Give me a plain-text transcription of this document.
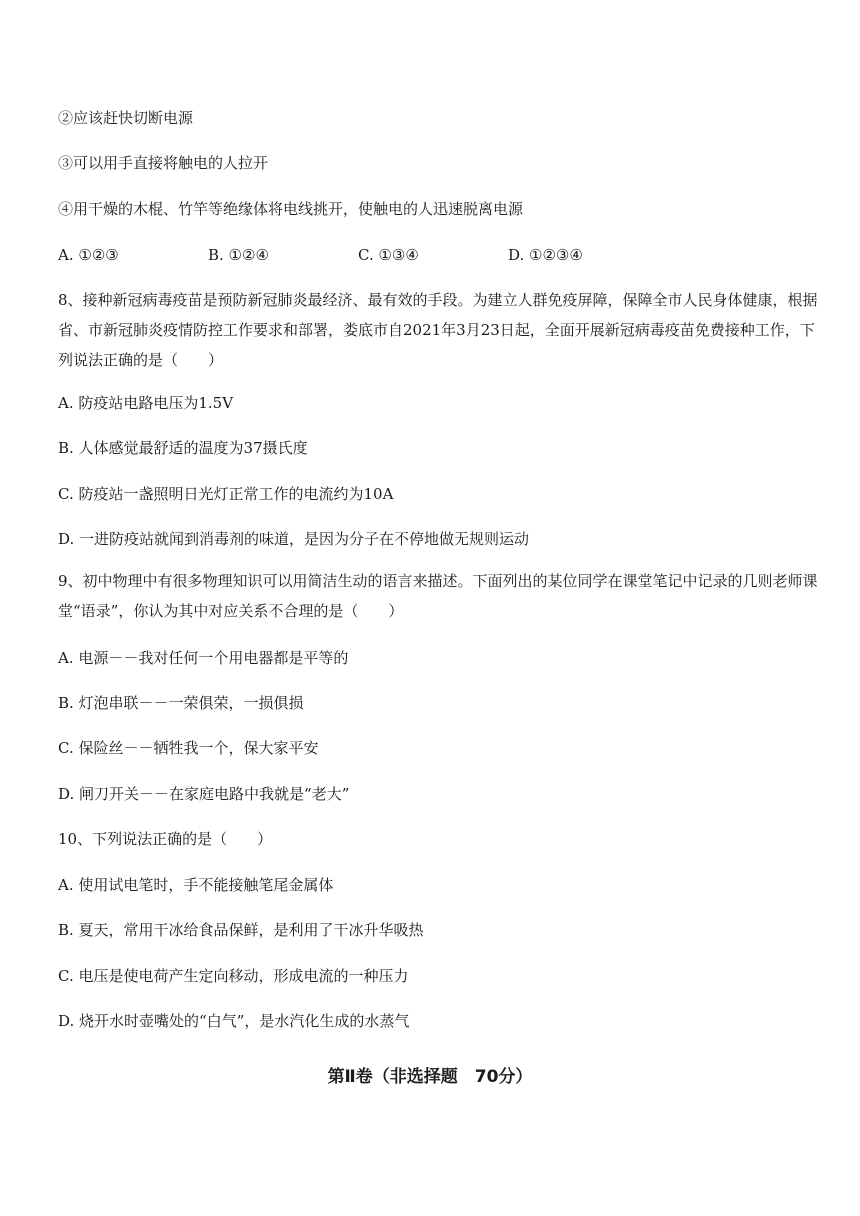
②应该赶快切断电源
③可以用手直接将触电的人拉开
④用干燥的木棍、竹竿等绝缘体将电线挑开，使触电的人迅速脱离电源
A. ①②③	B. ①②④	C. ①③④	D. ①②③④
8、接种新冠病毒疫苗是预防新冠肺炎最经济、最有效的手段。为建立人群免疫屏障，保障全市人民身体健康，根据省、市新冠肺炎疫情防控工作要求和部署，娄底市自2021年3月23日起，全面开展新冠病毒疫苗免费接种工作，下列说法正确的是（　　）
A. 防疫站电路电压为1.5V
B. 人体感觉最舒适的温度为37摄氏度
C. 防疫站一盏照明日光灯正常工作的电流约为10A
D. 一进防疫站就闻到消毒剂的味道，是因为分子在不停地做无规则运动
9、初中物理中有很多物理知识可以用简洁生动的语言来描述。下面列出的某位同学在课堂笔记中记录的几则老师课堂“语录”，你认为其中对应关系不合理的是（　　）
A. 电源－－我对任何一个用电器都是平等的
B. 灯泡串联－－一荣俱荣，一损俱损
C. 保险丝－－牺牲我一个，保大家平安
D. 闸刀开关－－在家庭电路中我就是“老大”
10、下列说法正确的是（　　）
A. 使用试电笔时，手不能接触笔尾金属体
B. 夏天，常用干冰给食品保鲜，是利用了干冰升华吸热
C. 电压是使电荷产生定向移动，形成电流的一种压力
D. 烧开水时壶嘴处的“白气”，是水汽化生成的水蒸气
第Ⅱ卷（非选择题　70分）
